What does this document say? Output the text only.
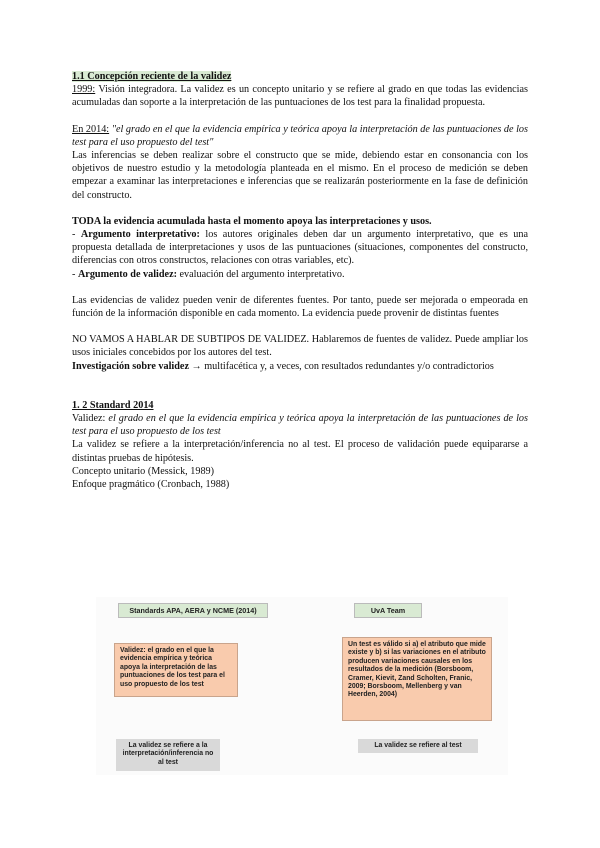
1.1 Concepción reciente de la validez

1999: Visión integradora. La validez es un concepto unitario y se refiere al grado en que todas las evidencias acumuladas dan soporte a la interpretación de las puntuaciones de los test para la finalidad propuesta.

En 2014: "el grado en el que la evidencia empírica y teórica apoya la interpretación de las puntuaciones de los test para el uso propuesto del test"

Las inferencias se deben realizar sobre el constructo que se mide, debiendo estar en consonancia con los objetivos de nuestro estudio y la metodología planteada en el mismo. En el proceso de medición se deben empezar a examinar las interpretaciones e inferencias que se realizarán posteriormente en la fase de definición del constructo.

TODA la evidencia acumulada hasta el momento apoya las interpretaciones y usos.

- Argumento interpretativo: los autores originales deben dar un argumento interpretativo, que es una propuesta detallada de interpretaciones y usos de las puntuaciones (situaciones, componentes del constructo, diferencias con otros constructos, relaciones con otras variables, etc).

- Argumento de validez: evaluación del argumento interpretativo.

Las evidencias de validez pueden venir de diferentes fuentes. Por tanto, puede ser mejorada o empeorada en función de la información disponible en cada momento. La evidencia puede provenir de distintas fuentes

NO VAMOS A HABLAR DE SUBTIPOS DE VALIDEZ. Hablaremos de fuentes de validez. Puede ampliar los usos iniciales concebidos por los autores del test.

Investigación sobre validez → multifacética y, a veces, con resultados redundantes y/o contradictorios

1. 2 Standard 2014

Validez: el grado en el que la evidencia empírica y teórica apoya la interpretación de las puntuaciones de los test para el uso propuesto de los test

La validez se refiere a la interpretación/inferencia no al test. El proceso de validación puede equipararse a distintas pruebas de hipótesis.

Concepto unitario (Messick, 1989)

Enfoque pragmático (Cronbach, 1988)

Standards APA, AERA y NCME (2014)	UvA Team
Validez: el grado en el que la evidencia empírica y teórica apoya la interpretación de las puntuaciones de los test para el uso propuesto de los test
Un test es válido si a) el atributo que mide existe y b) si las variaciones en el atributo producen variaciones causales en los resultados de la medición (Borsboom, Cramer, Kievit, Zand Scholten, Franic, 2009; Borsboom, Mellenberg y van Heerden, 2004)
La validez se refiere a la interpretación/inferencia no al test
La validez se refiere al test
